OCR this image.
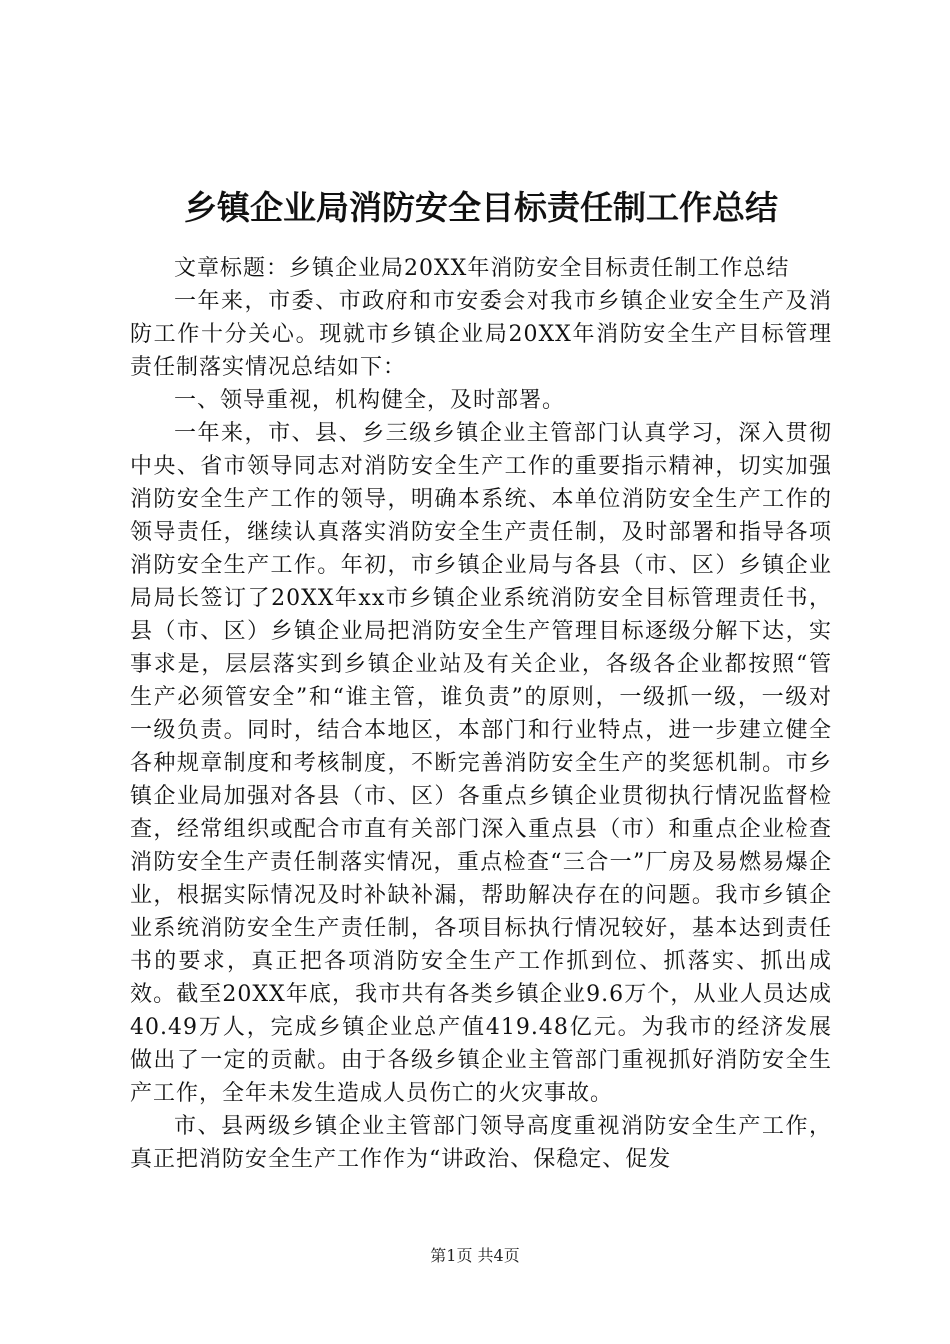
乡镇企业局消防安全目标责任制工作总结

文章标题：乡镇企业局20XX年消防安全目标责任制工作总结

一年来，市委、市政府和市安委会对我市乡镇企业安全生产及消防工作十分关心。现就市乡镇企业局20XX年消防安全生产目标管理责任制落实情况总结如下：

一、领导重视，机构健全，及时部署。

一年来，市、县、乡三级乡镇企业主管部门认真学习，深入贯彻中央、省市领导同志对消防安全生产工作的重要指示精神，切实加强消防安全生产工作的领导，明确本系统、本单位消防安全生产工作的领导责任，继续认真落实消防安全生产责任制，及时部署和指导各项消防安全生产工作。年初，市乡镇企业局与各县（市、区）乡镇企业局局长签订了20XX年xx市乡镇企业系统消防安全目标管理责任书，县（市、区）乡镇企业局把消防安全生产管理目标逐级分解下达，实事求是，层层落实到乡镇企业站及有关企业，各级各企业都按照“管生产必须管安全”和“谁主管，谁负责”的原则，一级抓一级，一级对一级负责。同时，结合本地区，本部门和行业特点，进一步建立健全各种规章制度和考核制度，不断完善消防安全生产的奖惩机制。市乡镇企业局加强对各县（市、区）各重点乡镇企业贯彻执行情况监督检查，经常组织或配合市直有关部门深入重点县（市）和重点企业检查消防安全生产责任制落实情况，重点检查“三合一”厂房及易燃易爆企业，根据实际情况及时补缺补漏，帮助解决存在的问题。我市乡镇企业系统消防安全生产责任制，各项目标执行情况较好，基本达到责任书的要求，真正把各项消防安全生产工作抓到位、抓落实、抓出成效。截至20XX年底，我市共有各类乡镇企业9.6万个，从业人员达成40.49万人，完成乡镇企业总产值419.48亿元。为我市的经济发展做出了一定的贡献。由于各级乡镇企业主管部门重视抓好消防安全生产工作，全年未发生造成人员伤亡的火灾事故。

市、县两级乡镇企业主管部门领导高度重视消防安全生产工作，真正把消防安全生产工作作为“讲政治、保稳定、促发

第1页 共4页
